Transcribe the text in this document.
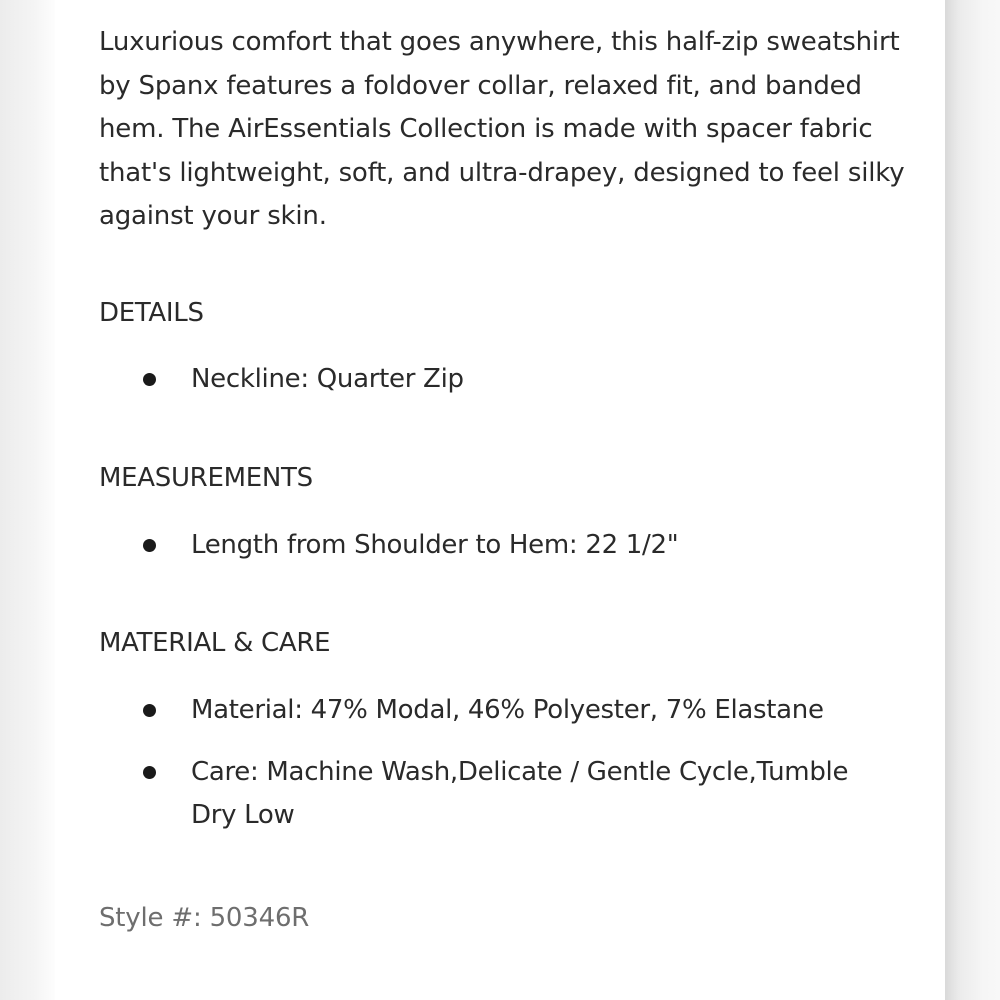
Luxurious comfort that goes anywhere, this half-zip sweatshirt by Spanx features a foldover collar, relaxed fit, and banded hem. The AirEssentials Collection is made with spacer fabric that's lightweight, soft, and ultra-drapey, designed to feel silky against your skin.

DETAILS
Neckline: Quarter Zip
MEASUREMENTS
Length from Shoulder to Hem: 22 1/2"
MATERIAL & CARE
Material: 47% Modal, 46% Polyester, 7% Elastane
Care: Machine Wash,Delicate / Gentle Cycle,Tumble Dry Low
Style #: 50346R
